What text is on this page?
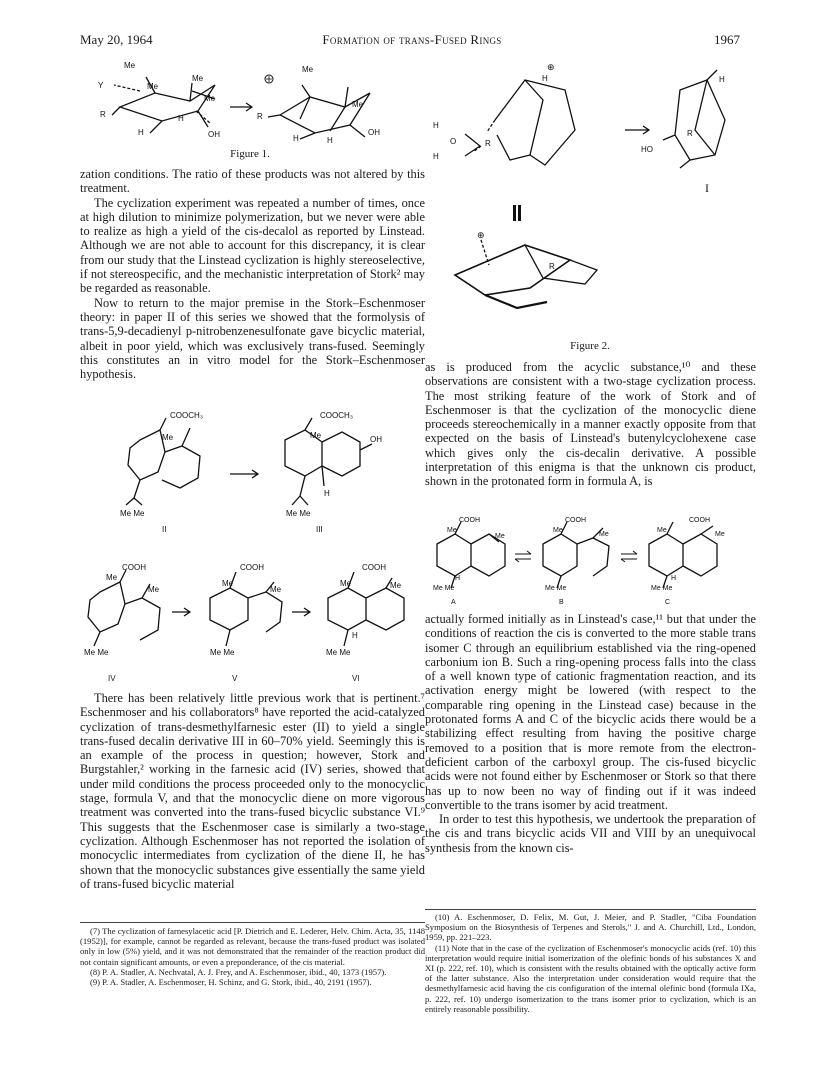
May 20, 1964	Formation of trans-Fused Rings	1967
Me
Y	Me
Me
Me
R
H
H
OH
Me
Me
R
H	H
OH
Figure 1.
H
H
O
H
R
H
R
HO
⊕
⊕
R
I
Figure 2.

zation conditions. The ratio of these products was not altered by this treatment.

The cyclization experiment was repeated a number of times, once at high dilution to minimize polymerization, but we never were able to realize as high a yield of the cis-decalol as reported by Linstead. Although we are not able to account for this discrepancy, it is clear from our study that the Linstead cyclization is highly stereoselective, if not stereospecific, and the mechanistic interpretation of Stork² may be regarded as reasonable.

Now to return to the major premise in the Stork–Eschenmoser theory: in paper II of this series we showed that the formolysis of trans-5,9-decadienyl p-nitrobenzenesulfonate gave bicyclic material, albeit in poor yield, which was exclusively trans-fused. Seemingly this constitutes an in vitro model for the Stork–Eschenmoser hypothesis.

COOCH₃
Me
Me Me
II
COOCH₃
Me	OH
H
Me Me
III
COOH
Me
Me
Me Me
COOH
Me
Me
Me Me
COOH
Me	Me
H
Me Me
IV	V	VI

There has been relatively little previous work that is pertinent.⁷ Eschenmoser and his collaborators⁸ have reported the acid-catalyzed cyclization of trans-desmethylfarnesic ester (II) to yield a single trans-fused decalin derivative III in 60–70% yield. Seemingly this is an example of the process in question; however, Stork and Burgstahler,² working in the farnesic acid (IV) series, showed that under mild conditions the process proceeded only to the monocyclic stage, formula V, and that the monocyclic diene on more vigorous treatment was converted into the trans-fused bicyclic substance VI.⁹ This suggests that the Eschenmoser case is similarly a two-stage cyclization. Although Eschenmoser has not reported the isolation of monocyclic intermediates from cyclization of the diene II, he has shown that the monocyclic substances give essentially the same yield of trans-fused bicyclic material

(7) The cyclization of farnesylacetic acid [P. Dietrich and E. Lederer, Helv. Chim. Acta, 35, 1148 (1952)], for example, cannot be regarded as relevant, because the trans-fused product was isolated only in low (5%) yield, and it was not demonstrated that the remainder of the reaction product did not contain significant amounts, or even a preponderance, of the cis material.

(8) P. A. Stadler, A. Nechvatal, A. J. Frey, and A. Eschenmoser, ibid., 40, 1373 (1957).

(9) P. A. Stadler, A. Eschenmoser, H. Schinz, and G. Stork, ibid., 40, 2191 (1957).

as is produced from the acyclic substance,¹⁰ and these observations are consistent with a two-stage cyclization process. The most striking feature of the work of Stork and of Eschenmoser is that the cyclization of the monocyclic diene proceeds stereochemically in a manner exactly opposite from that expected on the basis of Linstead's butenylcyclohexene case which gives only the cis-decalin derivative. A possible interpretation of this enigma is that the unknown cis product, shown in the protonated form in formula A, is

COOH
Me
Me
H
Me Me
COOH
Me
Me
Me Me
COOH
Me
Me
H
Me Me
A	B	C

actually formed initially as in Linstead's case,¹¹ but that under the conditions of reaction the cis is converted to the more stable trans isomer C through an equilibrium established via the ring-opened carbonium ion B. Such a ring-opening process falls into the class of a well known type of cationic fragmentation reaction, and its activation energy might be lowered (with respect to the comparable ring opening in the Linstead case) because in the protonated forms A and C of the bicyclic acids there would be a stabilizing effect resulting from having the positive charge removed to a position that is more remote from the electron-deficient carbon of the carboxyl group. The cis-fused bicyclic acids were not found either by Eschenmoser or Stork so that there has up to now been no way of finding out if it was indeed convertible to the trans isomer by acid treatment.

In order to test this hypothesis, we undertook the preparation of the cis and trans bicyclic acids VII and VIII by an unequivocal synthesis from the known cis-

(10) A. Eschenmoser, D. Felix, M. Gut, J. Meier, and P. Stadler, "Ciba Foundation Symposium on the Biosynthesis of Terpenes and Sterols," J. and A. Churchill, Ltd., London, 1959, pp. 221–223.

(11) Note that in the case of the cyclization of Eschenmoser's monocyclic acids (ref. 10) this interpretation would require initial isomerization of the olefinic bonds of his substances X and XI (p. 222, ref. 10), which is consistent with the results obtained with the optically active form of the latter substance. Also the interpretation under consideration would require that the desmethylfarnesic acid having the cis configuration of the internal olefinic bond (formula IXa, p. 222, ref. 10) undergo isomerization to the trans isomer prior to cyclization, which is an entirely reasonable possibility.
